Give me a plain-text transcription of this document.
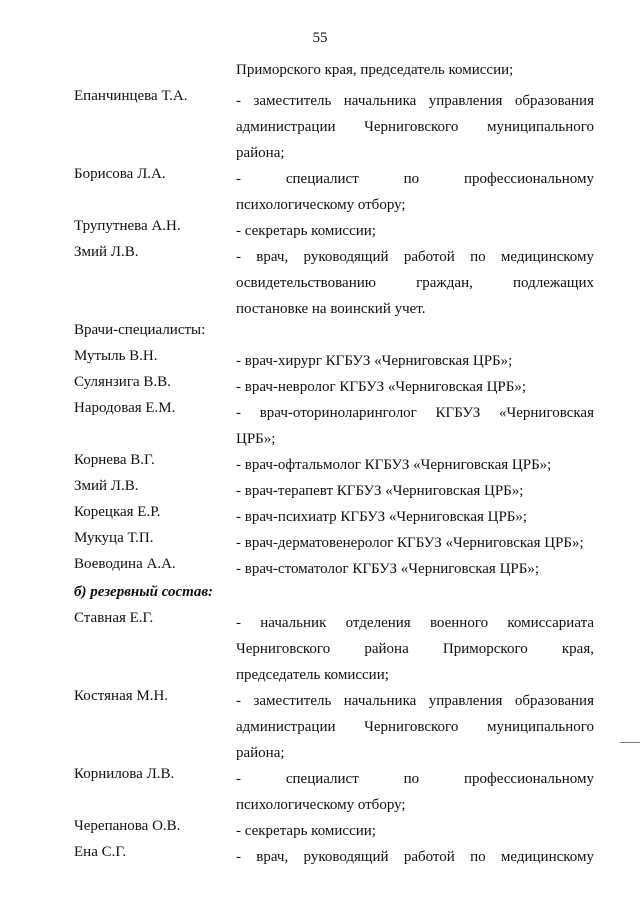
55
Приморского края, председатель комиссии;
Епанчинцева Т.А.	- заместитель начальника управления образования
администрации Черниговского муниципального
района;
Борисова Л.А.	- специалист по профессиональному
психологическому отбору;
Трупутнева А.Н.	- секретарь комиссии;
Змий Л.В.	- врач, руководящий работой по медицинскому
освидетельствованию граждан, подлежащих
постановке на воинский учет.
Врачи-специалисты:
Мутыль В.Н.	- врач-хирург КГБУЗ «Черниговская ЦРБ»;
Сулянзига В.В.	- врач-невролог КГБУЗ «Черниговская ЦРБ»;
Народовая Е.М.	- врач-оториноларинголог КГБУЗ «Черниговская
ЦРБ»;
Корнева В.Г.	- врач-офтальмолог КГБУЗ «Черниговская ЦРБ»;
Змий Л.В.	- врач-терапевт КГБУЗ «Черниговская ЦРБ»;
Корецкая Е.Р.	- врач-психиатр КГБУЗ «Черниговская ЦРБ»;
Мукуца Т.П.	- врач-дерматовенеролог КГБУЗ «Черниговская ЦРБ»;
Воеводина А.А.	- врач-стоматолог КГБУЗ «Черниговская ЦРБ»;
б) резервный состав:
Ставная Е.Г.	- начальник отделения военного комиссариата
Черниговского района Приморского края,
председатель комиссии;
Костяная М.Н.	- заместитель начальника управления образования
администрации Черниговского муниципального
района;
Корнилова Л.В.	- специалист по профессиональному
психологическому отбору;
Черепанова О.В.	- секретарь комиссии;
Ена С.Г.	- врач, руководящий работой по медицинскому
